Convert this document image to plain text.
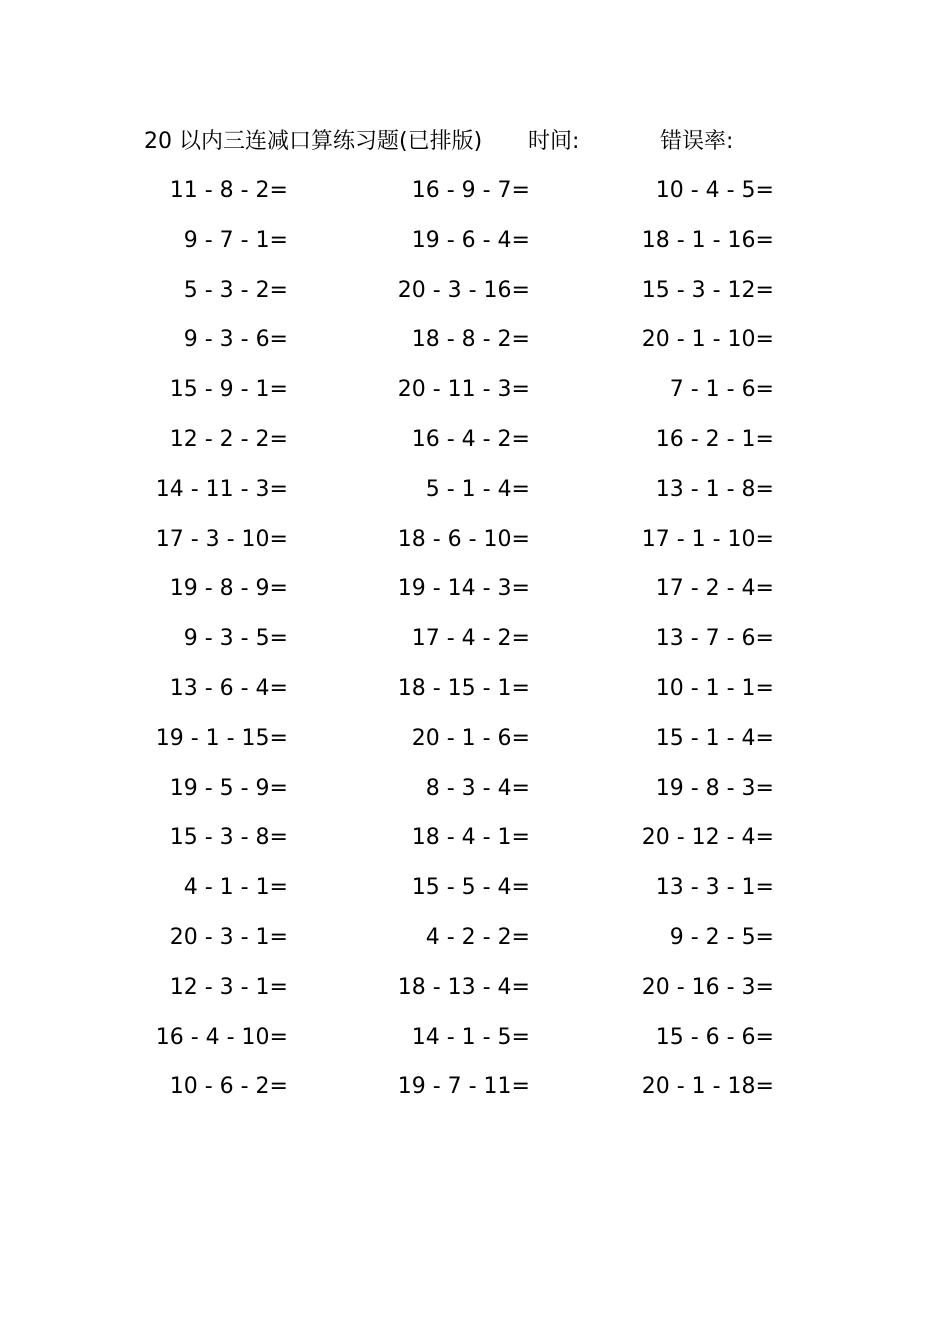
20 以内三连减口算练习题(已排版) 时间:	错误率:
11 - 8 - 2=	16 - 9 - 7=	10 - 4 - 5=
9 - 7 - 1=	19 - 6 - 4=	18 - 1 - 16=
5 - 3 - 2=	20 - 3 - 16=	15 - 3 - 12=
9 - 3 - 6=	18 - 8 - 2=	20 - 1 - 10=
15 - 9 - 1=	20 - 11 - 3=	7 - 1 - 6=
12 - 2 - 2=	16 - 4 - 2=	16 - 2 - 1=
14 - 11 - 3=	5 - 1 - 4=	13 - 1 - 8=
17 - 3 - 10=	18 - 6 - 10=	17 - 1 - 10=
19 - 8 - 9=	19 - 14 - 3=	17 - 2 - 4=
9 - 3 - 5=	17 - 4 - 2=	13 - 7 - 6=
13 - 6 - 4=	18 - 15 - 1=	10 - 1 - 1=
19 - 1 - 15=	20 - 1 - 6=	15 - 1 - 4=
19 - 5 - 9=	8 - 3 - 4=	19 - 8 - 3=
15 - 3 - 8=	18 - 4 - 1=	20 - 12 - 4=
4 - 1 - 1=	15 - 5 - 4=	13 - 3 - 1=
20 - 3 - 1=	4 - 2 - 2=	9 - 2 - 5=
12 - 3 - 1=	18 - 13 - 4=	20 - 16 - 3=
16 - 4 - 10=	14 - 1 - 5=	15 - 6 - 6=
10 - 6 - 2=	19 - 7 - 11=	20 - 1 - 18=
